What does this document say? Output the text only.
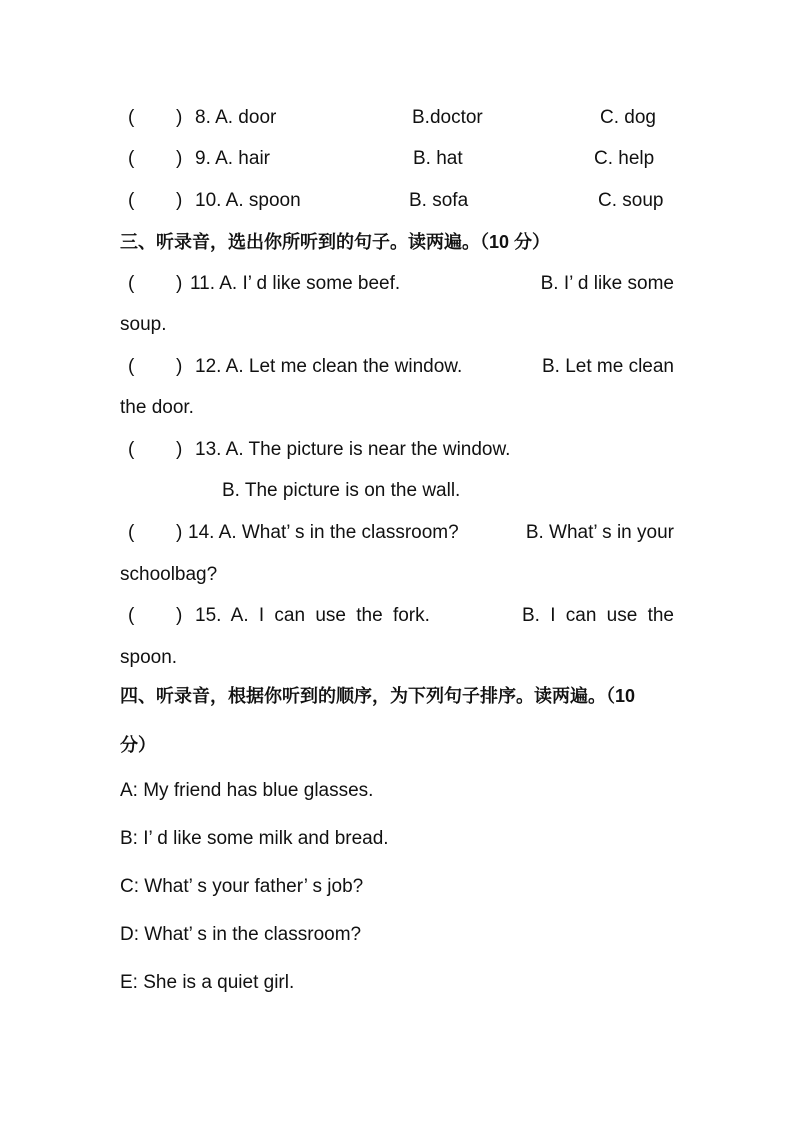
( ) 8. A. door	B.doctor	C. dog
( ) 9. A. hair	B. hat	C. help
( ) 10. A. spoon	B. sofa	C. soup
三、听录音，选出你所听到的句子。读两遍。（10 分）
( ) 11. A. I’ d like some beef.	B. I’ d like some
soup.
( ) 12. A. Let me clean the window.	B. Let me clean
the door.
( ) 13. A. The picture is near the window.
B. The picture is on the wall.
( ) 14. A. What’ s in the classroom?	B. What’ s in your
schoolbag?
( ) 15. A. I can use the fork.	B. I can use the
spoon.
四、听录音，根据你听到的顺序，为下列句子排序。读两遍。（10
分）
A: My friend has blue glasses.
B: I’ d like some milk and bread.
C: What’ s your father’ s job?
D: What’ s in the classroom?
E: She is a quiet girl.
